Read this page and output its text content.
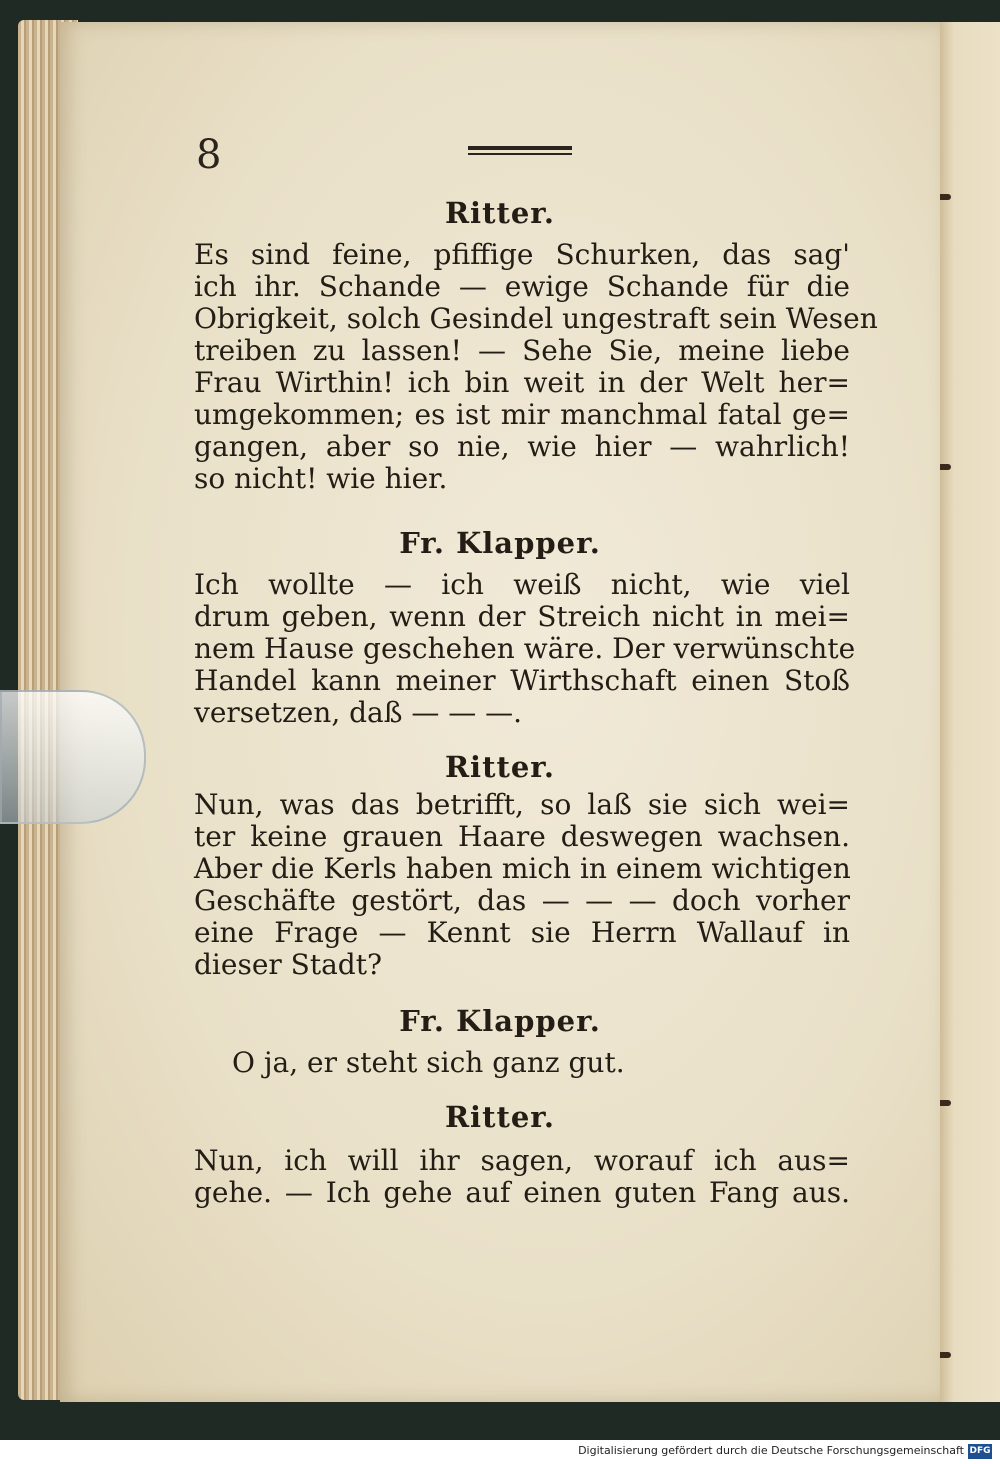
8
Ritter.
Es sind feine, pfiffige Schurken, das sag'
ich ihr. Schande — ewige Schande für die
Obrigkeit, solch Gesindel ungestraft sein Wesen
treiben zu lassen! — Sehe Sie, meine liebe
Frau Wirthin! ich bin weit in der Welt her=
umgekommen; es ist mir manchmal fatal ge=
gangen, aber so nie, wie hier — wahrlich!
so nicht! wie hier.
Fr. Klapper.
Ich wollte — ich weiß nicht, wie viel
drum geben, wenn der Streich nicht in mei=
nem Hause geschehen wäre. Der verwünschte
Handel kann meiner Wirthschaft einen Stoß
versetzen, daß — — —.
Ritter.
Nun, was das betrifft, so laß sie sich wei=
ter keine grauen Haare deswegen wachsen.
Aber die Kerls haben mich in einem wichtigen
Geschäfte gestört, das — — — doch vorher
eine Frage — Kennt sie Herrn Wallauf in
dieser Stadt?
Fr. Klapper.
O ja, er steht sich ganz gut.
Ritter.
Nun, ich will ihr sagen, worauf ich aus=
gehe. — Ich gehe auf einen guten Fang aus.
Digitalisierung gefördert durch die Deutsche Forschungsgemeinschaft DFG
